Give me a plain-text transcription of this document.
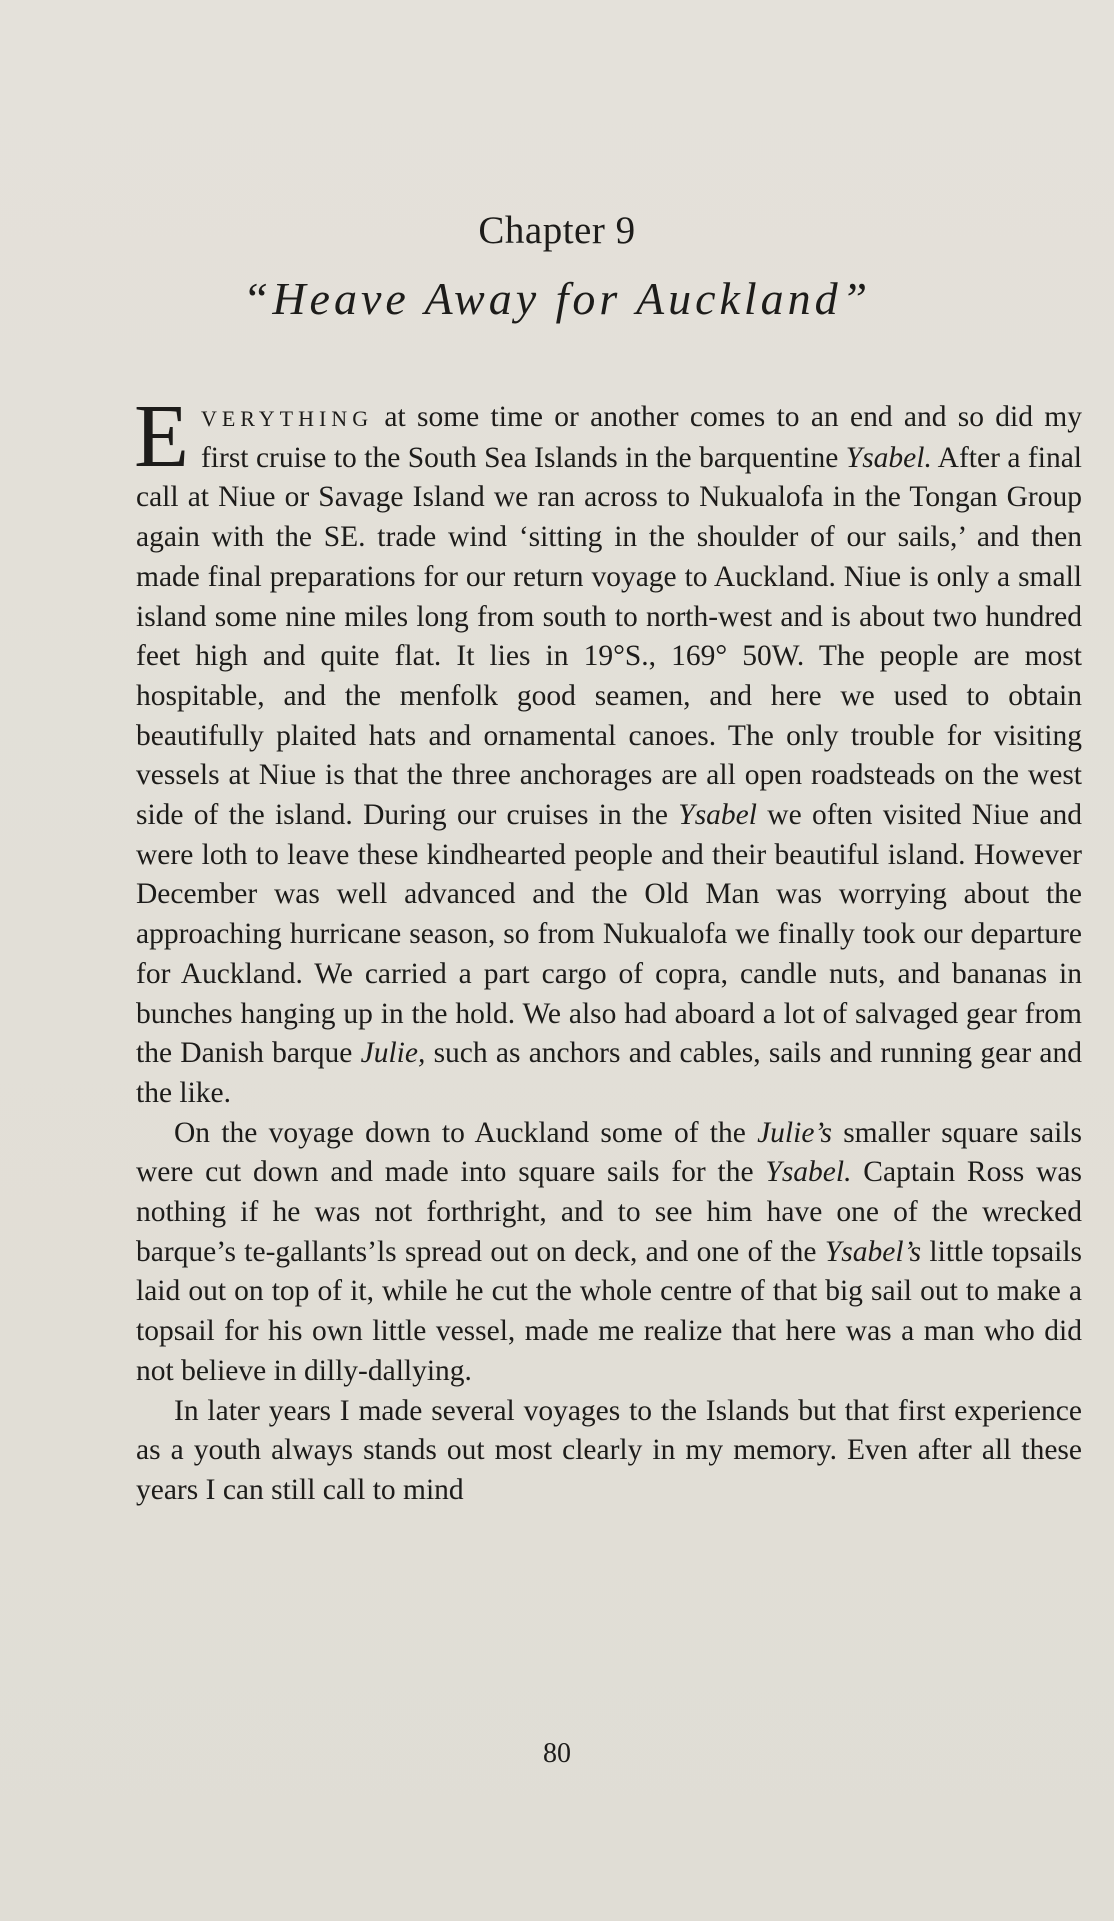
Chapter 9
“Heave Away for Auckland”

EVERYTHING at some time or another comes to an end and so did my first cruise to the South Sea Islands in the barquentine Ysabel. After a final call at Niue or Savage Island we ran across to Nukualofa in the Tongan Group again with the SE. trade wind ‘sitting in the shoulder of our sails,’ and then made final preparations for our return voyage to Auckland. Niue is only a small island some nine miles long from south to north-west and is about two hundred feet high and quite flat. It lies in 19°S., 169° 50W. The people are most hospitable, and the menfolk good seamen, and here we used to obtain beautifully plaited hats and ornamental canoes. The only trouble for visiting vessels at Niue is that the three anchorages are all open roadsteads on the west side of the island. During our cruises in the Ysabel we often visited Niue and were loth to leave these kindhearted people and their beautiful island. However December was well advanced and the Old Man was worrying about the approaching hurricane season, so from Nukualofa we finally took our departure for Auckland. We carried a part cargo of copra, candle nuts, and bananas in bunches hanging up in the hold. We also had aboard a lot of salvaged gear from the Danish barque Julie, such as anchors and cables, sails and running gear and the like.

On the voyage down to Auckland some of the Julie’s smaller square sails were cut down and made into square sails for the Ysabel. Captain Ross was nothing if he was not forthright, and to see him have one of the wrecked barque’s te-gallants’ls spread out on deck, and one of the Ysabel’s little topsails laid out on top of it, while he cut the whole centre of that big sail out to make a topsail for his own little vessel, made me realize that here was a man who did not believe in dilly-dallying.

In later years I made several voyages to the Islands but that first experience as a youth always stands out most clearly in my memory. Even after all these years I can still call to mind

80
